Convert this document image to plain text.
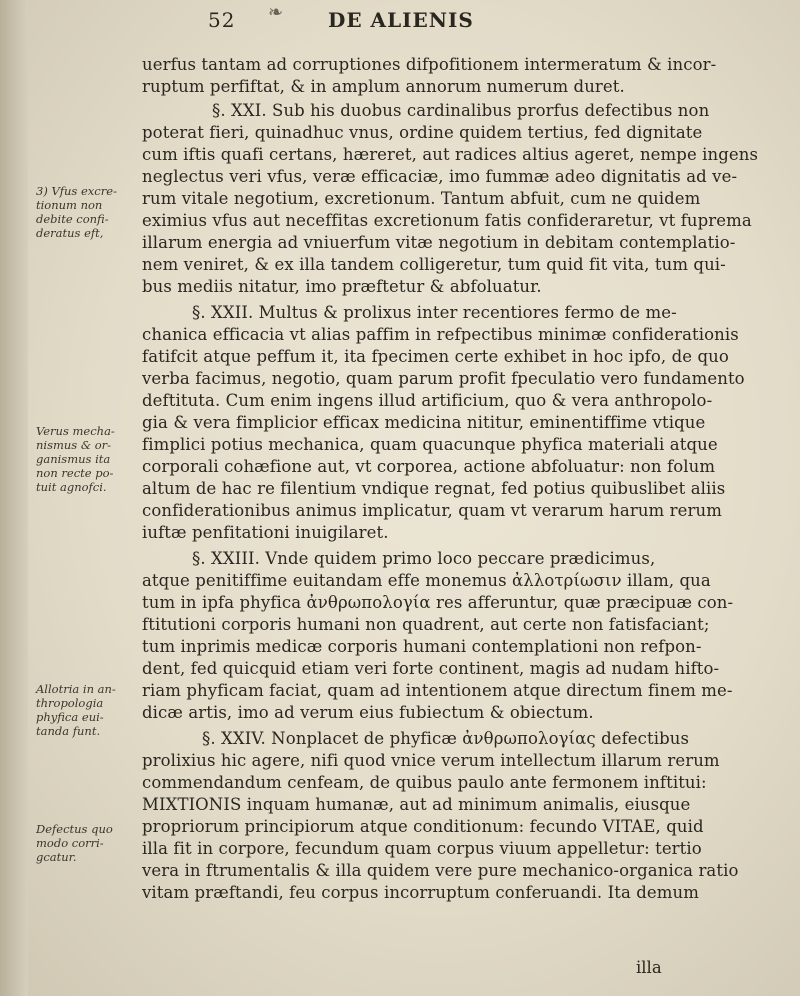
52 ❧ DE ALIENIS
3) Vfus excre-
tionum non
debite confi-
deratus eft,
Verus mecha-
nismus & or-
ganismus ita
non recte po-
tuit agnofci.
Allotria in an-
thropologia
phyfica eui-
tanda funt.
Defectus quo
modo corri-
gcatur.
uerfus tantam ad corruptiones difpofitionem intermeratum & incor-
ruptum perfiftat, & in amplum annorum numerum duret.
§. XXI. Sub his duobus cardinalibus prorfus defectibus non
poterat fieri, quinadhuc vnus, ordine quidem tertius, fed dignitate
cum iftis quafi certans, hæreret, aut radices altius ageret, nempe ingens
neglectus veri vfus, veræ efficaciæ, imo fummæ adeo dignitatis ad ve-
rum vitale negotium, excretionum. Tantum abfuit, cum ne quidem
eximius vfus aut neceffitas excretionum fatis confideraretur, vt fuprema
illarum energia ad vniuerfum vitæ negotium in debitam contemplatio-
nem veniret, & ex illa tandem colligeretur, tum quid fit vita, tum qui-
bus mediis nitatur, imo præftetur & abfoluatur.
§. XXII. Multus & prolixus inter recentiores fermo de me-
chanica efficacia vt alias paffim in refpectibus minimæ confiderationis
fatifcit atque peffum it, ita fpecimen certe exhibet in hoc ipfo, de quo
verba facimus, negotio, quam parum profit fpeculatio vero fundamento
deftituta. Cum enim ingens illud artificium, quo & vera anthropolo-
gia & vera fimplicior efficax medicina nititur, eminentiffime vtique
fimplici potius mechanica, quam quacunque phyfica materiali atque
corporali cohæfione aut, vt corporea, actione abfoluatur: non folum
altum de hac re filentium vndique regnat, fed potius quibuslibet aliis
confiderationibus animus implicatur, quam vt verarum harum rerum
iuftæ penfitationi inuigilaret.
§. XXIII. Vnde quidem primo loco peccare prædicimus,
atque penitiffime euitandam effe monemus ἀλλοτρίωσιν illam, qua
tum in ipfa phyfica ἀνθρωπολογία res afferuntur, quæ præcipuæ con-
ftitutioni corporis humani non quadrent, aut certe non fatisfaciant;
tum inprimis medicæ corporis humani contemplationi non refpon-
dent, fed quicquid etiam veri forte continent, magis ad nudam hifto-
riam phyficam faciat, quam ad intentionem atque directum finem me-
dicæ artis, imo ad verum eius fubiectum & obiectum.
§. XXIV. Nonplacet de phyficæ ἀνθρωπολογίας defectibus
prolixius hic agere, nifi quod vnice verum intellectum illarum rerum
commendandum cenfeam, de quibus paulo ante fermonem inftitui:
MIXTIONIS inquam humanæ, aut ad minimum animalis, eiusque
propriorum principiorum atque conditionum: fecundo VITAE, quid
illa fit in corpore, fecundum quam corpus viuum appelletur: tertio
vera in ftrumentalis & illa quidem vere pure mechanico-organica ratio
vitam præftandi, feu corpus incorruptum conferuandi. Ita demum
illa
